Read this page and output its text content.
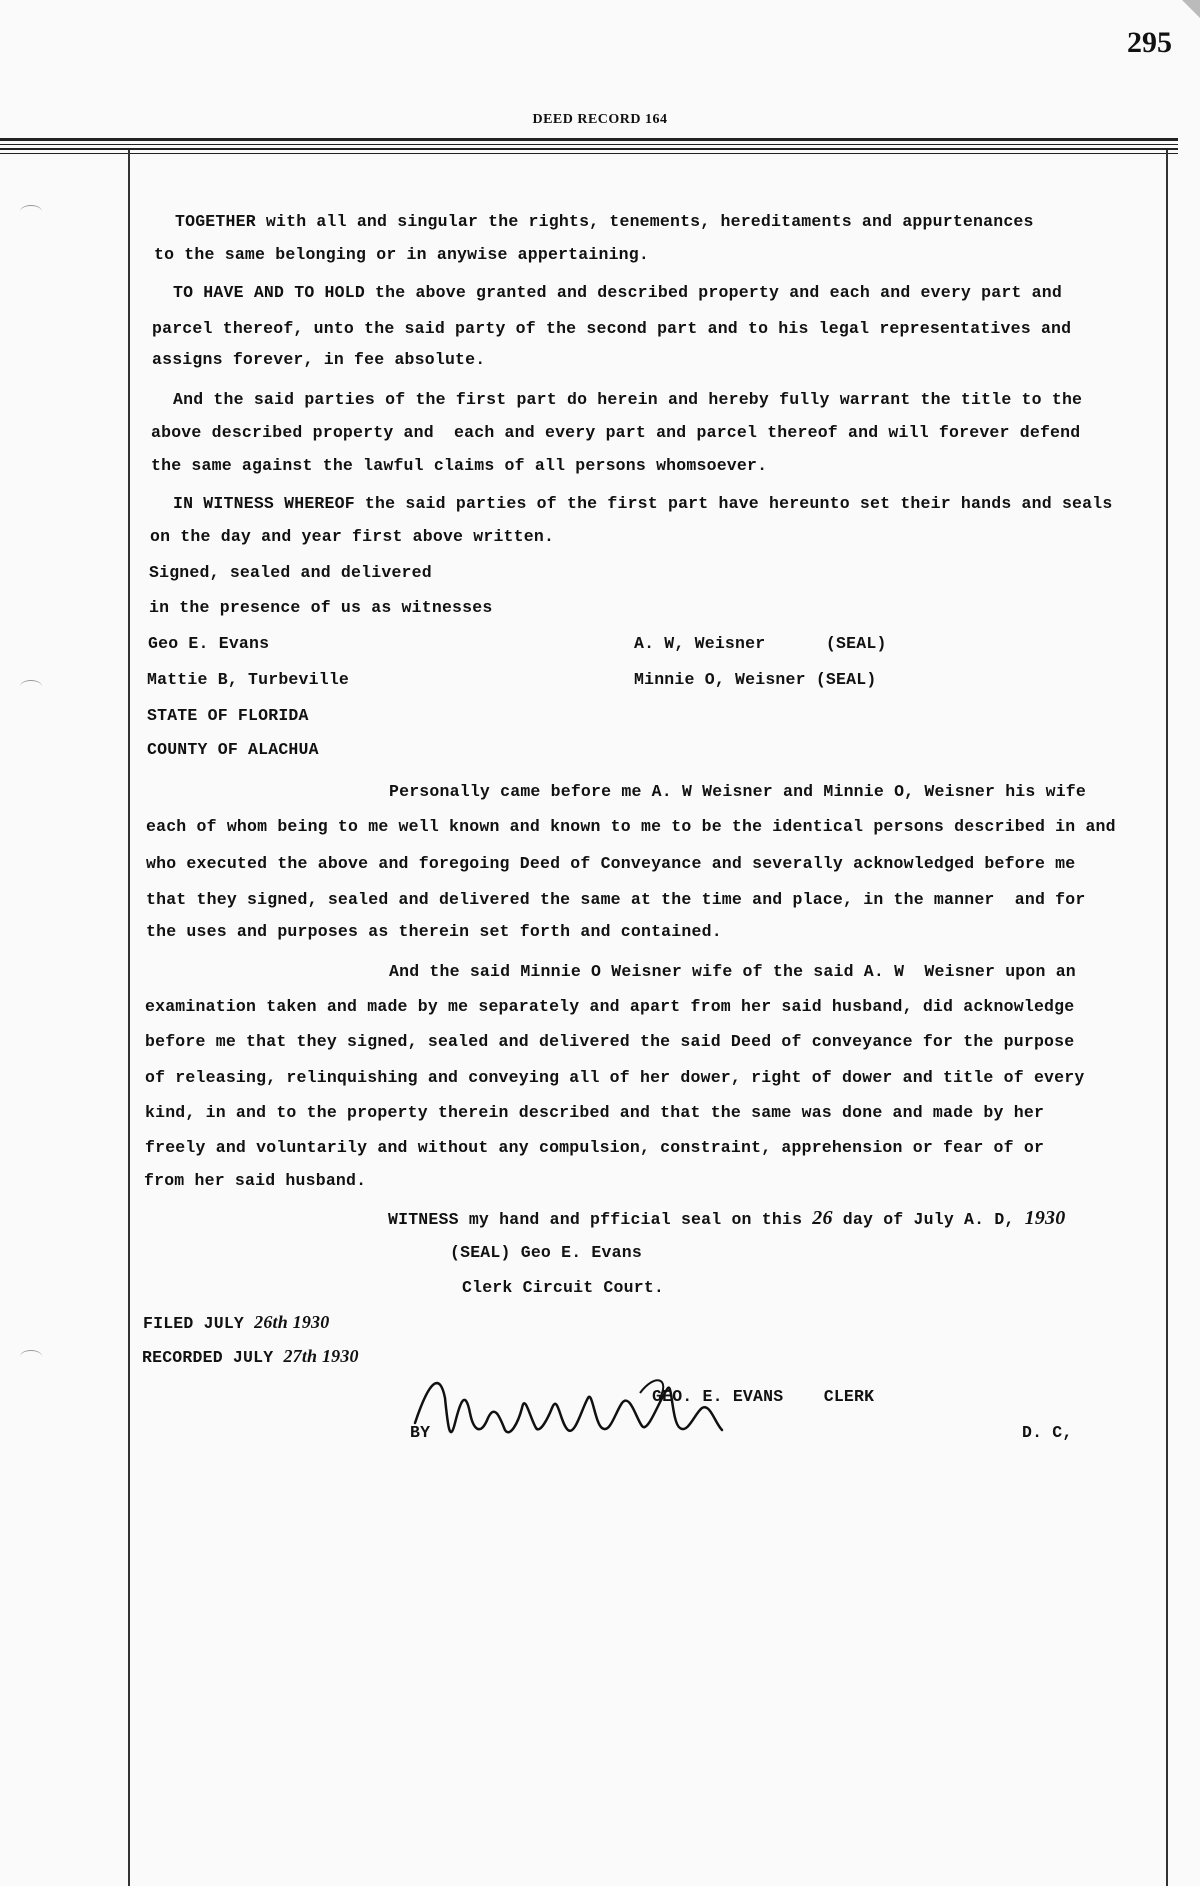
295
DEED RECORD 164
TOGETHER with all and singular the rights, tenements, hereditaments and appurtenances
to the same belonging or in anywise appertaining.
TO HAVE AND TO HOLD the above granted and described property and each and every part and
parcel thereof, unto the said party of the second part and to his legal representatives and
assigns forever, in fee absolute.
And the said parties of the first part do herein and hereby fully warrant the title to the
above described property and  each and every part and parcel thereof and will forever defend
the same against the lawful claims of all persons whomsoever.
IN WITNESS WHEREOF the said parties of the first part have hereunto set their hands and seals
on the day and year first above written.
Signed, sealed and delivered
in the presence of us as witnesses
Geo E. Evans	A. W, Weisner      (SEAL)
Mattie B, Turbeville	Minnie O, Weisner (SEAL)
STATE OF FLORIDA
COUNTY OF ALACHUA
Personally came before me A. W Weisner and Minnie O, Weisner his wife
each of whom being to me well known and known to me to be the identical persons described in and
who executed the above and foregoing Deed of Conveyance and severally acknowledged before me
that they signed, sealed and delivered the same at the time and place, in the manner  and for
the uses and purposes as therein set forth and contained.
And the said Minnie O Weisner wife of the said A. W  Weisner upon an
examination taken and made by me separately and apart from her said husband, did acknowledge
before me that they signed, sealed and delivered the said Deed of conveyance for the purpose
of releasing, relinquishing and conveying all of her dower, right of dower and title of every
kind, in and to the property therein described and that the same was done and made by her
freely and voluntarily and without any compulsion, constraint, apprehension or fear of or
from her said husband.
WITNESS my hand and pfficial seal on this 26 day of July A. D, 1930
(SEAL) Geo E. Evans
Clerk Circuit Court.
FILED JULY 26th 1930
RECORDED JULY 27th 1930
BY
GEO. E. EVANS    CLERK
D. C,
